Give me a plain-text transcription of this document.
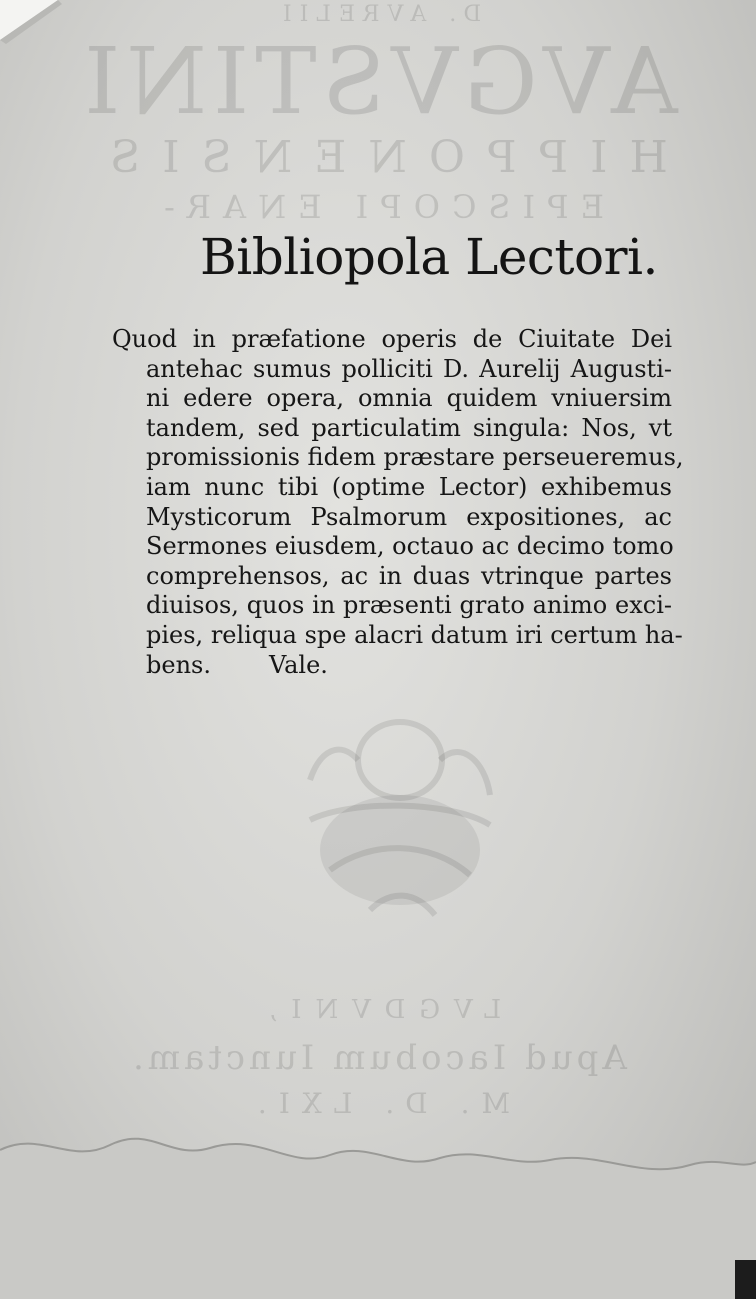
D. AVRELII
AVGVSTINI
HIPPONENSIS
EPISCOPI ENAR-
LVGDVNI,
Apud Iacobum Iunctam.
M. D. LXI.
Bibliopola Lectori.
Quod in præfatione operis de Ciuitate Dei
antehac sumus polliciti D. Aurelij Augusti-
ni edere opera, omnia quidem vniuersim
tandem, sed particulatim singula: Nos, vt
promissionis fidem præstare perseueremus,
iam nunc tibi (optime Lector) exhibemus
Mysticorum Psalmorum expositiones, ac
Sermones eiusdem, octauo ac decimo tomo
comprehensos, ac in duas vtrinque partes
diuisos, quos in præsenti grato animo exci-
pies, reliqua spe alacri datum iri certum ha-
bens. Vale.
